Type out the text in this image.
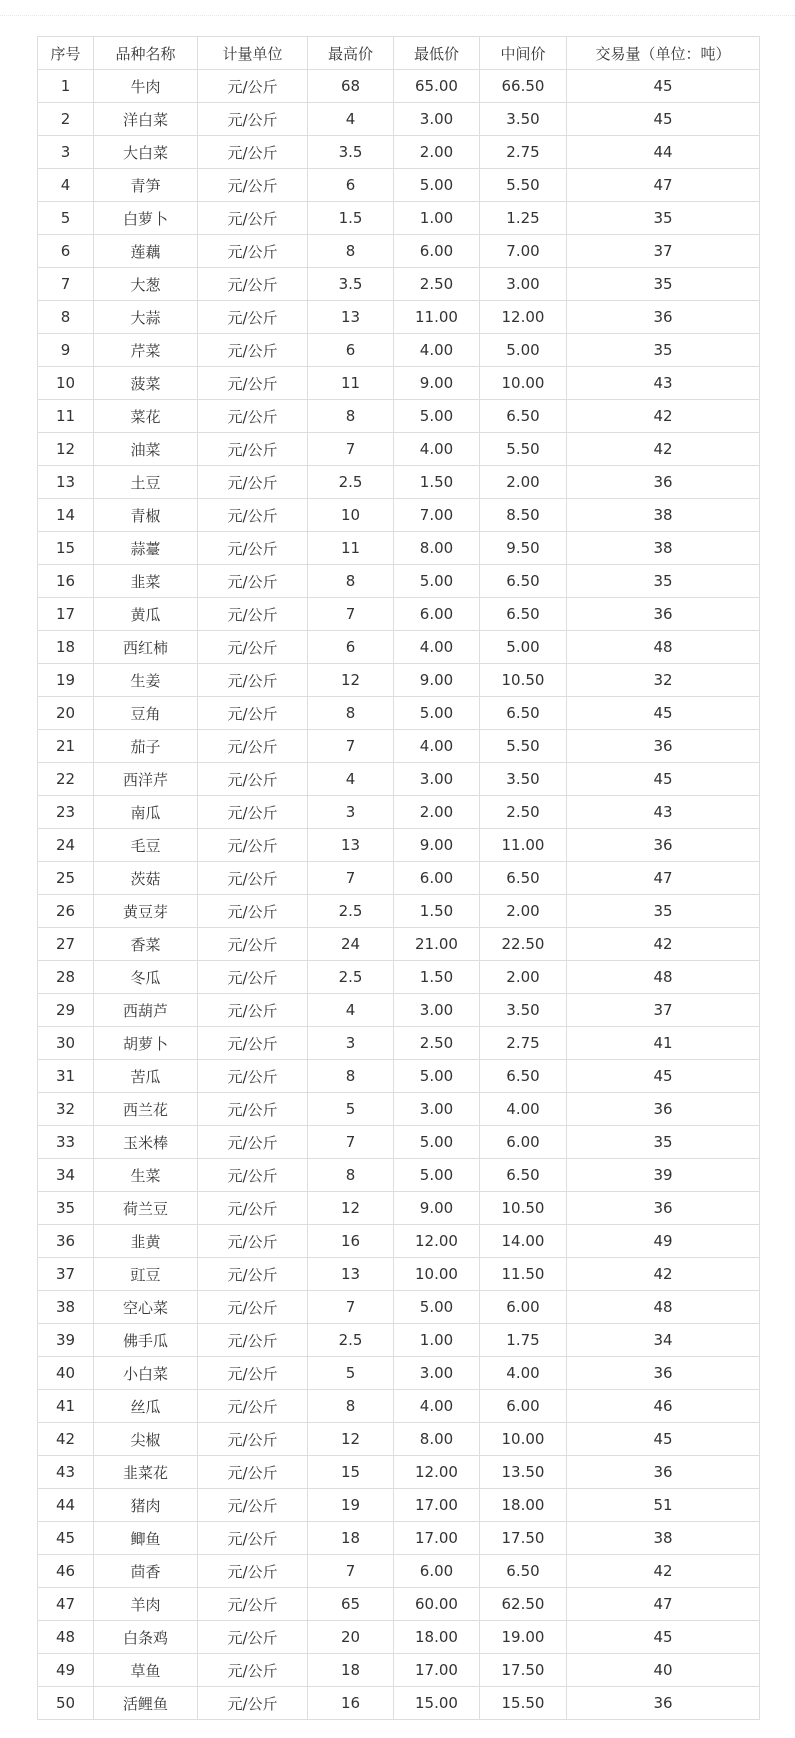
序号	品种名称	计量单位	最高价	最低价	中间价	交易量（单位：吨）
1	牛肉	元/公斤	68	65.00	66.50	45
2	洋白菜	元/公斤	4	3.00	3.50	45
3	大白菜	元/公斤	3.5	2.00	2.75	44
4	青笋	元/公斤	6	5.00	5.50	47
5	白萝卜	元/公斤	1.5	1.00	1.25	35
6	莲藕	元/公斤	8	6.00	7.00	37
7	大葱	元/公斤	3.5	2.50	3.00	35
8	大蒜	元/公斤	13	11.00	12.00	36
9	芹菜	元/公斤	6	4.00	5.00	35
10	菠菜	元/公斤	11	9.00	10.00	43
11	菜花	元/公斤	8	5.00	6.50	42
12	油菜	元/公斤	7	4.00	5.50	42
13	土豆	元/公斤	2.5	1.50	2.00	36
14	青椒	元/公斤	10	7.00	8.50	38
15	蒜薹	元/公斤	11	8.00	9.50	38
16	韭菜	元/公斤	8	5.00	6.50	35
17	黄瓜	元/公斤	7	6.00	6.50	36
18	西红柿	元/公斤	6	4.00	5.00	48
19	生姜	元/公斤	12	9.00	10.50	32
20	豆角	元/公斤	8	5.00	6.50	45
21	茄子	元/公斤	7	4.00	5.50	36
22	西洋芹	元/公斤	4	3.00	3.50	45
23	南瓜	元/公斤	3	2.00	2.50	43
24	毛豆	元/公斤	13	9.00	11.00	36
25	茨菇	元/公斤	7	6.00	6.50	47
26	黄豆芽	元/公斤	2.5	1.50	2.00	35
27	香菜	元/公斤	24	21.00	22.50	42
28	冬瓜	元/公斤	2.5	1.50	2.00	48
29	西葫芦	元/公斤	4	3.00	3.50	37
30	胡萝卜	元/公斤	3	2.50	2.75	41
31	苦瓜	元/公斤	8	5.00	6.50	45
32	西兰花	元/公斤	5	3.00	4.00	36
33	玉米棒	元/公斤	7	5.00	6.00	35
34	生菜	元/公斤	8	5.00	6.50	39
35	荷兰豆	元/公斤	12	9.00	10.50	36
36	韭黄	元/公斤	16	12.00	14.00	49
37	豇豆	元/公斤	13	10.00	11.50	42
38	空心菜	元/公斤	7	5.00	6.00	48
39	佛手瓜	元/公斤	2.5	1.00	1.75	34
40	小白菜	元/公斤	5	3.00	4.00	36
41	丝瓜	元/公斤	8	4.00	6.00	46
42	尖椒	元/公斤	12	8.00	10.00	45
43	韭菜花	元/公斤	15	12.00	13.50	36
44	猪肉	元/公斤	19	17.00	18.00	51
45	鲫鱼	元/公斤	18	17.00	17.50	38
46	茴香	元/公斤	7	6.00	6.50	42
47	羊肉	元/公斤	65	60.00	62.50	47
48	白条鸡	元/公斤	20	18.00	19.00	45
49	草鱼	元/公斤	18	17.00	17.50	40
50	活鲤鱼	元/公斤	16	15.00	15.50	36
